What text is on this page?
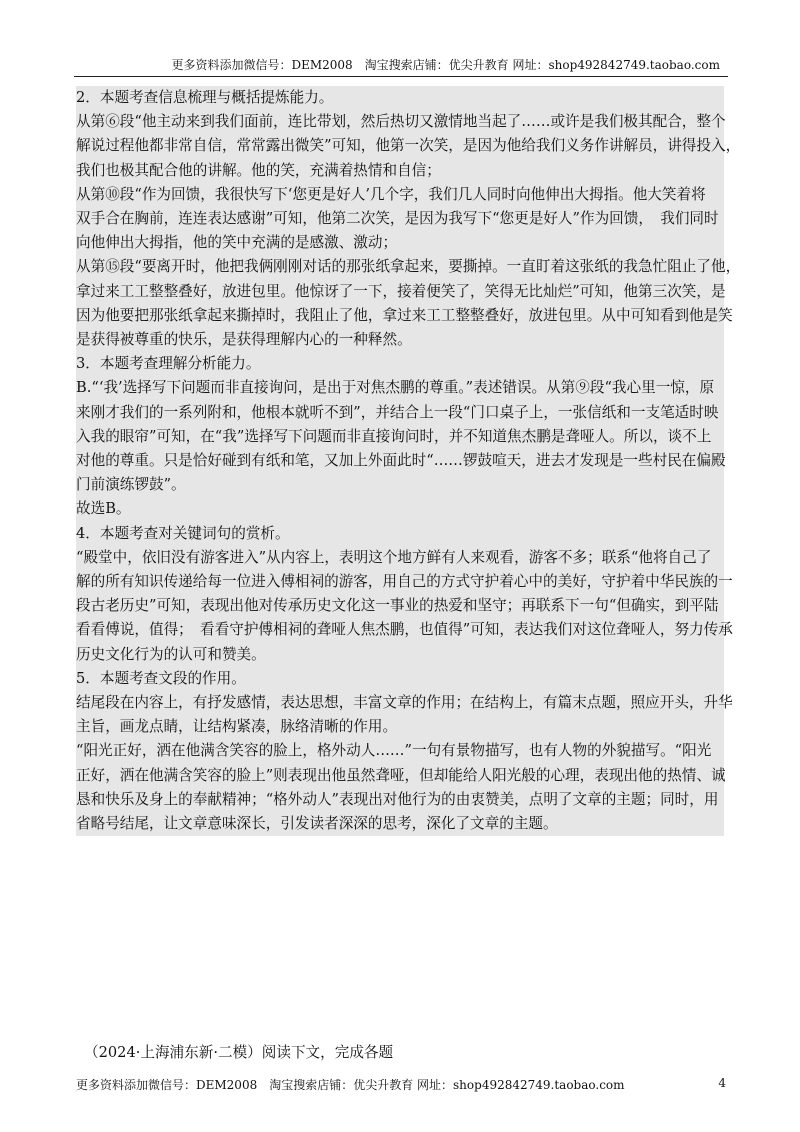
更多资料添加微信号：DEM2008　淘宝搜索店铺：优尖升教育 网址：shop492842749.taobao.com

2．本题考查信息梳理与概括提炼能力。

从第⑥段“他主动来到我们面前，连比带划，然后热切又激情地当起了……或许是我们极其配合，整个

解说过程他都非常自信，常常露出微笑”可知，他第一次笑，是因为他给我们义务作讲解员，讲得投入，

我们也极其配合他的讲解。他的笑，充满着热情和自信；

从第⑩段“作为回馈，我很快写下‘您更是好人’几个字，我们几人同时向他伸出大拇指。他大笑着将

双手合在胸前，连连表达感谢”可知，他第二次笑，是因为我写下“您更是好人”作为回馈，　我们同时

向他伸出大拇指，他的笑中充满的是感激、激动；

从第⑮段“要离开时，他把我俩刚刚对话的那张纸拿起来，要撕掉。一直盯着这张纸的我急忙阻止了他，

拿过来工工整整叠好，放进包里。他惊讶了一下，接着便笑了，笑得无比灿烂”可知，他第三次笑，是

因为他要把那张纸拿起来撕掉时，我阻止了他，拿过来工工整整叠好，放进包里。从中可知看到他是笑

是获得被尊重的快乐，是获得理解内心的一种释然。

3．本题考查理解分析能力。

B.“‘我’选择写下问题而非直接询问，是出于对焦杰鹏的尊重。”表述错误。从第⑨段“我心里一惊，原

来刚才我们的一系列附和，他根本就听不到”，并结合上一段“门口桌子上，一张信纸和一支笔适时映

入我的眼帘”可知，在“我”选择写下问题而非直接询问时，并不知道焦杰鹏是聋哑人。所以，谈不上

对他的尊重。只是恰好碰到有纸和笔，又加上外面此时“……锣鼓喧天，进去才发现是一些村民在偏殿

门前演练锣鼓”。

故选B。

4．本题考查对关键词句的赏析。

“殿堂中，依旧没有游客进入”从内容上，表明这个地方鲜有人来观看，游客不多；联系“他将自己了

解的所有知识传递给每一位进入傅相祠的游客，用自己的方式守护着心中的美好，守护着中华民族的一

段古老历史”可知，表现出他对传承历史文化这一事业的热爱和坚守；再联系下一句“但确实，到平陆

看看傅说，值得；　看看守护傅相祠的聋哑人焦杰鹏，也值得”可知，表达我们对这位聋哑人，努力传承

历史文化行为的认可和赞美。

5．本题考查文段的作用。

结尾段在内容上，有抒发感情，表达思想，丰富文章的作用；在结构上，有篇末点题，照应开头，升华

主旨，画龙点睛，让结构紧凑，脉络清晰的作用。

“阳光正好，洒在他满含笑容的脸上，格外动人……”一句有景物描写，也有人物的外貌描写。“阳光

正好，洒在他满含笑容的脸上”则表现出他虽然聋哑，但却能给人阳光般的心理，表现出他的热情、诚

恳和快乐及身上的奉献精神；“格外动人”表现出对他行为的由衷赞美，点明了文章的主题；同时，用

省略号结尾，让文章意味深长，引发读者深深的思考，深化了文章的主题。

（2024·上海浦东新·二模）阅读下文，完成各题
更多资料添加微信号：DEM2008　淘宝搜索店铺：优尖升教育 网址：shop492842749.taobao.com	4
